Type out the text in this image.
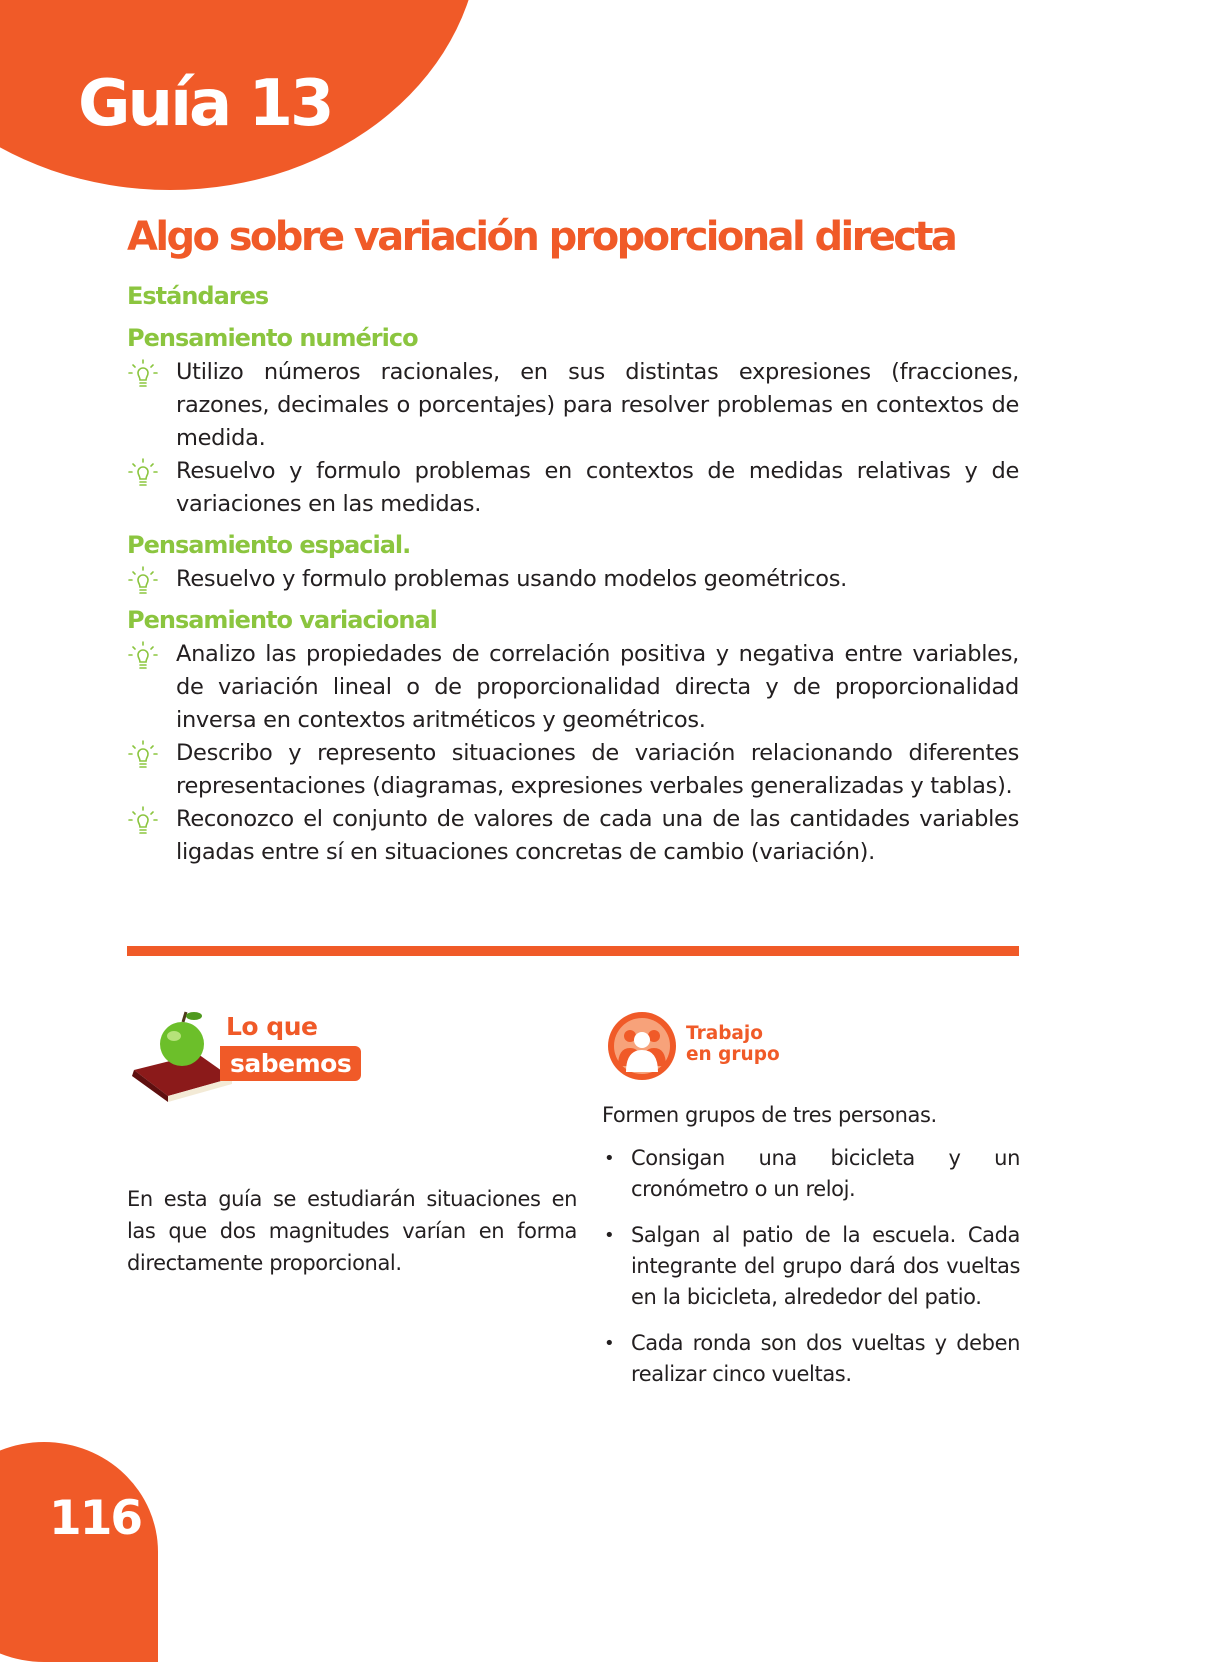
Guía 13
Algo sobre variación proporcional directa
Estándares
Pensamiento numérico
Utilizo números racionales, en sus distintas expresiones (fracciones, razones, decimales o porcentajes) para resolver problemas en contextos de medida.
Resuelvo y formulo problemas en contextos de medidas relativas y de variaciones en las medidas.
Pensamiento espacial.
Resuelvo y formulo problemas usando modelos geométricos.
Pensamiento variacional
Analizo las propiedades de correlación positiva y negativa entre variables, de variación lineal o de proporcionalidad directa y de proporcionalidad inversa en contextos aritméticos y geométricos.
Describo y represento situaciones de variación relacionando diferentes representaciones (diagramas, expresiones verbales generalizadas y tablas).
Reconozco el conjunto de valores de cada una de las cantidades variables ligadas entre sí en situaciones concretas de cambio (variación).
Lo que
sabemos

En esta guía se estudiarán situaciones en las que dos magnitudes varían en forma directamente proporcional.

Trabajo
en grupo

Formen grupos de tres personas.

• Consigan una bicicleta y un cronómetro o un reloj.
• Salgan al patio de la escuela. Cada integrante del grupo dará dos vueltas en la bicicleta, alrededor del patio.
• Cada ronda son dos vueltas y deben realizar cinco vueltas.
116
